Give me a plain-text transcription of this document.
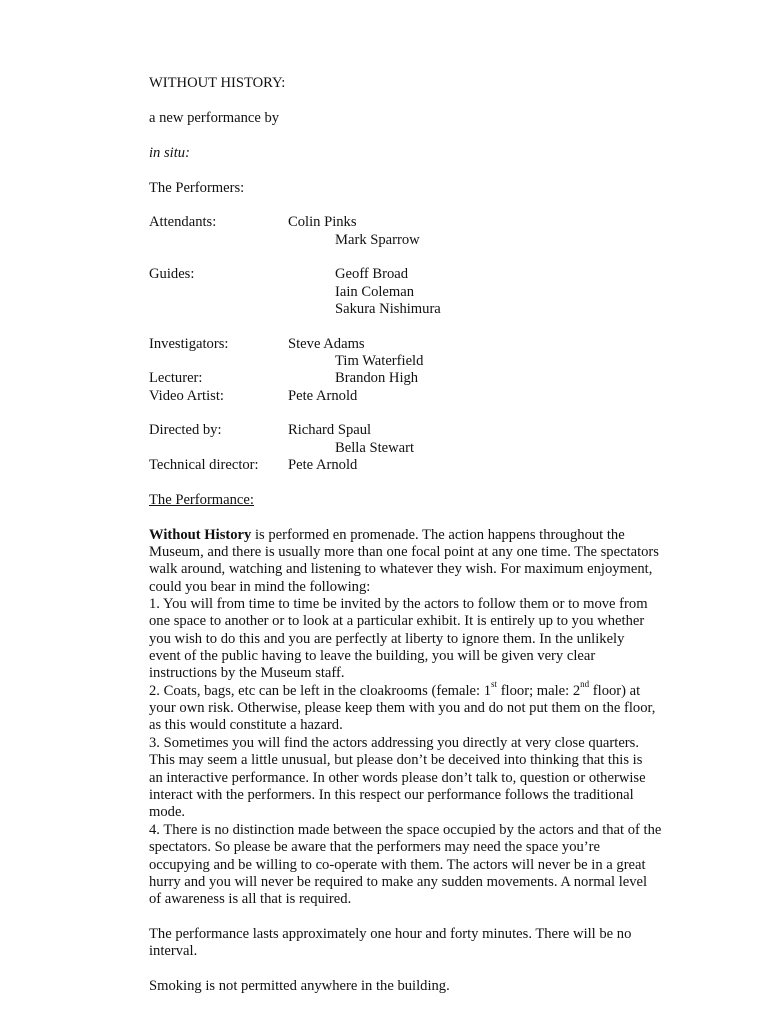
WITHOUT HISTORY:
a new performance by
in situ:
The Performers:
Attendants:	Colin Pinks
Mark Sparrow
Guides:	Geoff Broad
Iain Coleman
Sakura Nishimura
Investigators:	Steve Adams
Tim Waterfield
Lecturer:	Brandon High
Video Artist:	Pete Arnold
Directed by:	Richard Spaul
Bella Stewart
Technical director: Pete Arnold
The Performance:
Without History is performed en promenade. The action happens throughout the
Museum, and there is usually more than one focal point at any one time. The spectators
walk around, watching and listening to whatever they wish. For maximum enjoyment,
could you bear in mind the following:
1. You will from time to time be invited by the actors to follow them or to move from
one space to another or to look at a particular exhibit. It is entirely up to you whether
you wish to do this and you are perfectly at liberty to ignore them. In the unlikely
event of the public having to leave the building, you will be given very clear
instructions by the Museum staff.
2. Coats, bags, etc can be left in the cloakrooms (female: 1st floor; male: 2nd floor) at
your own risk. Otherwise, please keep them with you and do not put them on the floor,
as this would constitute a hazard.
3. Sometimes you will find the actors addressing you directly at very close quarters.
This may seem a little unusual, but please don’t be deceived into thinking that this is
an interactive performance. In other words please don’t talk to, question or otherwise
interact with the performers. In this respect our performance follows the traditional
mode.
4. There is no distinction made between the space occupied by the actors and that of the
spectators. So please be aware that the performers may need the space you’re
occupying and be willing to co-operate with them. The actors will never be in a great
hurry and you will never be required to make any sudden movements. A normal level
of awareness is all that is required.
The performance lasts approximately one hour and forty minutes. There will be no
interval.
Smoking is not permitted anywhere in the building.
